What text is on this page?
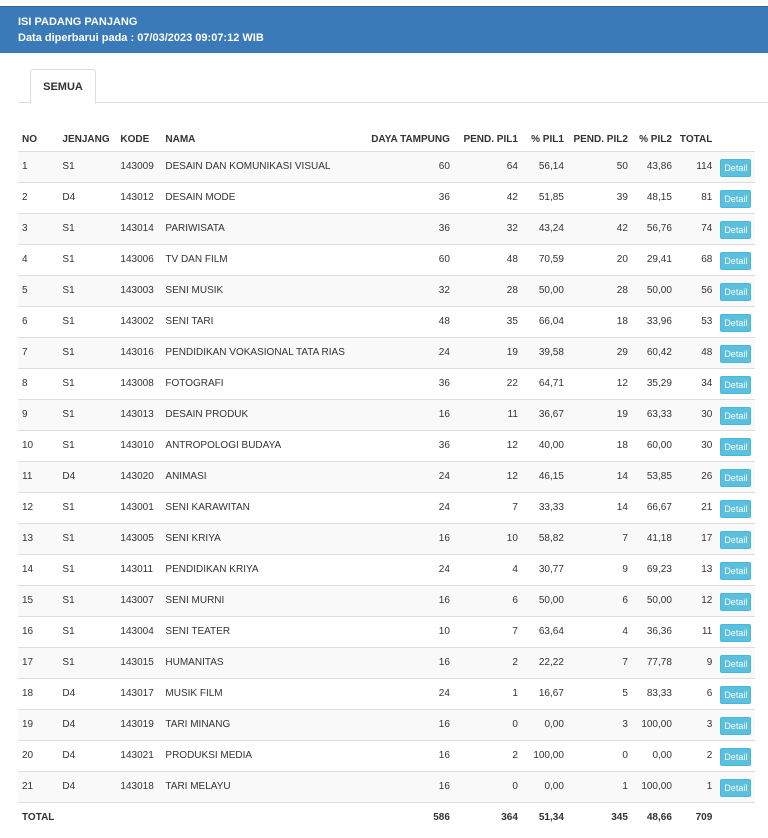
ISI PADANG PANJANG
Data diperbarui pada : 07/03/2023 09:07:12 WIB
SEMUA
NO	JENJANG	KODE	NAMA	DAYA TAMPUNG	PEND. PIL1	% PIL1	PEND. PIL2	% PIL2	TOTAL	
1	S1	143009	DESAIN DAN KOMUNIKASI VISUAL	60	64	56,14	50	43,86	114	Detail
2	D4	143012	DESAIN MODE	36	42	51,85	39	48,15	81	Detail
3	S1	143014	PARIWISATA	36	32	43,24	42	56,76	74	Detail
4	S1	143006	TV DAN FILM	60	48	70,59	20	29,41	68	Detail
5	S1	143003	SENI MUSIK	32	28	50,00	28	50,00	56	Detail
6	S1	143002	SENI TARI	48	35	66,04	18	33,96	53	Detail
7	S1	143016	PENDIDIKAN VOKASIONAL TATA RIAS	24	19	39,58	29	60,42	48	Detail
8	S1	143008	FOTOGRAFI	36	22	64,71	12	35,29	34	Detail
9	S1	143013	DESAIN PRODUK	16	11	36,67	19	63,33	30	Detail
10	S1	143010	ANTROPOLOGI BUDAYA	36	12	40,00	18	60,00	30	Detail
11	D4	143020	ANIMASI	24	12	46,15	14	53,85	26	Detail
12	S1	143001	SENI KARAWITAN	24	7	33,33	14	66,67	21	Detail
13	S1	143005	SENI KRIYA	16	10	58,82	7	41,18	17	Detail
14	S1	143011	PENDIDIKAN KRIYA	24	4	30,77	9	69,23	13	Detail
15	S1	143007	SENI MURNI	16	6	50,00	6	50,00	12	Detail
16	S1	143004	SENI TEATER	10	7	63,64	4	36,36	11	Detail
17	S1	143015	HUMANITAS	16	2	22,22	7	77,78	9	Detail
18	D4	143017	MUSIK FILM	24	1	16,67	5	83,33	6	Detail
19	D4	143019	TARI MINANG	16	0	0,00	3	100,00	3	Detail
20	D4	143021	PRODUKSI MEDIA	16	2	100,00	0	0,00	2	Detail
21	D4	143018	TARI MELAYU	16	0	0,00	1	100,00	1	Detail
TOTAL				586	364	51,34	345	48,66	709	
